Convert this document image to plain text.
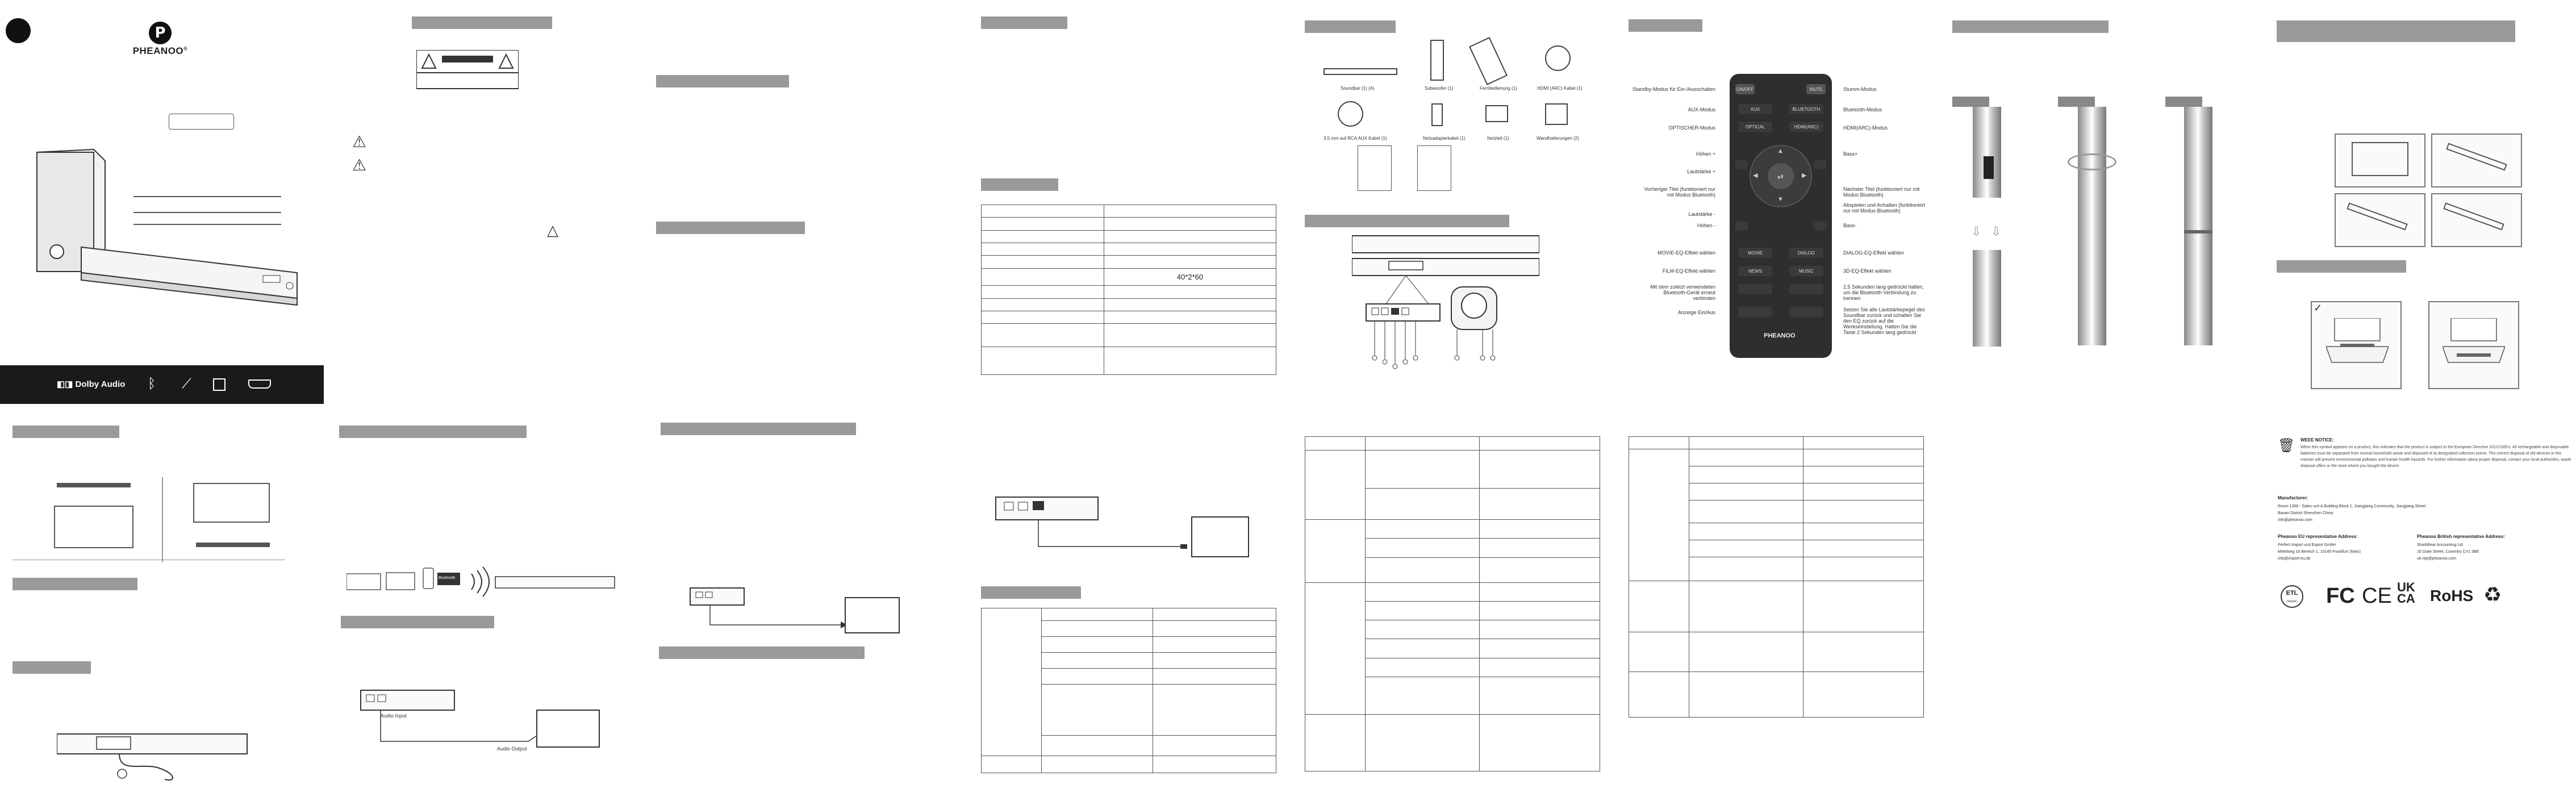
P
PHEANOO®
△
◧◨ Dolby Audio ᛒ ⟋
⚠
⚠
Bluetooth
Audio Input
Audio Output

	40*2*60

Soundbar (1) (A)	Subwoofer (1)	Fernbedienung (1)	HDMI (ARC) Kabel (1)
3,5 mm auf RCA AUX Kabel (1)	Netzadapterkabel (1)	Netzteil (1)	Wandhalterungen (2)

ON/OFF	MUTE
AUX	BLUETOOTH
OPTICAL	HDMI(ARC)
⏯
▲
▼
◀	▶
MOVIE	DIALOG
NEWS	MUSIC
PHEANOO
Standby-Modus für Ein-/Ausschalten
AUX-Modus
OPTISCHER-Modus
Höhen +
Lautstärke +
Vorheriger Titel (funktioniert nur mit Modus Bluetooth)
Lautstärke -
Höhen -
MOVIE-EQ-Effekt wählen
FILM-EQ-Effekt wählen
Mit dem zuletzt verwendeten Bluetooth-Gerät erneut verbinden
Anzeige Ein/Aus
Stumm-Modus
Bluetooth-Modus
HDMI(ARC)-Modus
Bass+
Nächster Titel (funktioniert nur mit Modus Bluetooth)
Abspielen und Anhalten (funktioniert nur mit Modus Bluetooth)
Bass-
DIALOG-EQ-Effekt wählen
3D-EQ-Effekt wählen
2,5 Sekunden lang gedrückt halten, um die Bluetooth-Verbindung zu trennen
Setzen Sie alle Lautstärkepegel des Soundbar zurück und schalten Sie den EQ zurück auf die Werkseinstellung. Halten Sie die Taste 2 Sekunden lang gedrückt

⇩ ⇩
✓
🗑 WEEE NOTICE:
When this symbol appears on a product, this indicates that the product is subject to the European Directive 2012/19/EU. All rechargeable and disposable batteries must be separated from normal household waste and disposed of at designated collection points. The correct disposal of old devices in this manner will prevent environmental pollution and human health hazards. For further information about proper disposal, contact your local authorities, waste disposal office or the store where you bought the device.
Manufacturer:
Room 1308 - Sales unit A Building Block 1, Xiangjiang Community, Jiangjiang Street
Baoan District Shenzhen China
info@pheanoo.com
Pheanoo EU representative Address:
Perfect Import und Export GmbH
Mittelweg 16 Bereich 1, 10145 Frankfurt (Main)
info@import-eu.de
Pheanoo British representative Address:
SharkBear Accounting Ltd
16 Duke Street, Coventry CV1 3BE
uk.rep@pheanoo.com
ETL
Intertek FC CE UK
CA RoHS ♻
